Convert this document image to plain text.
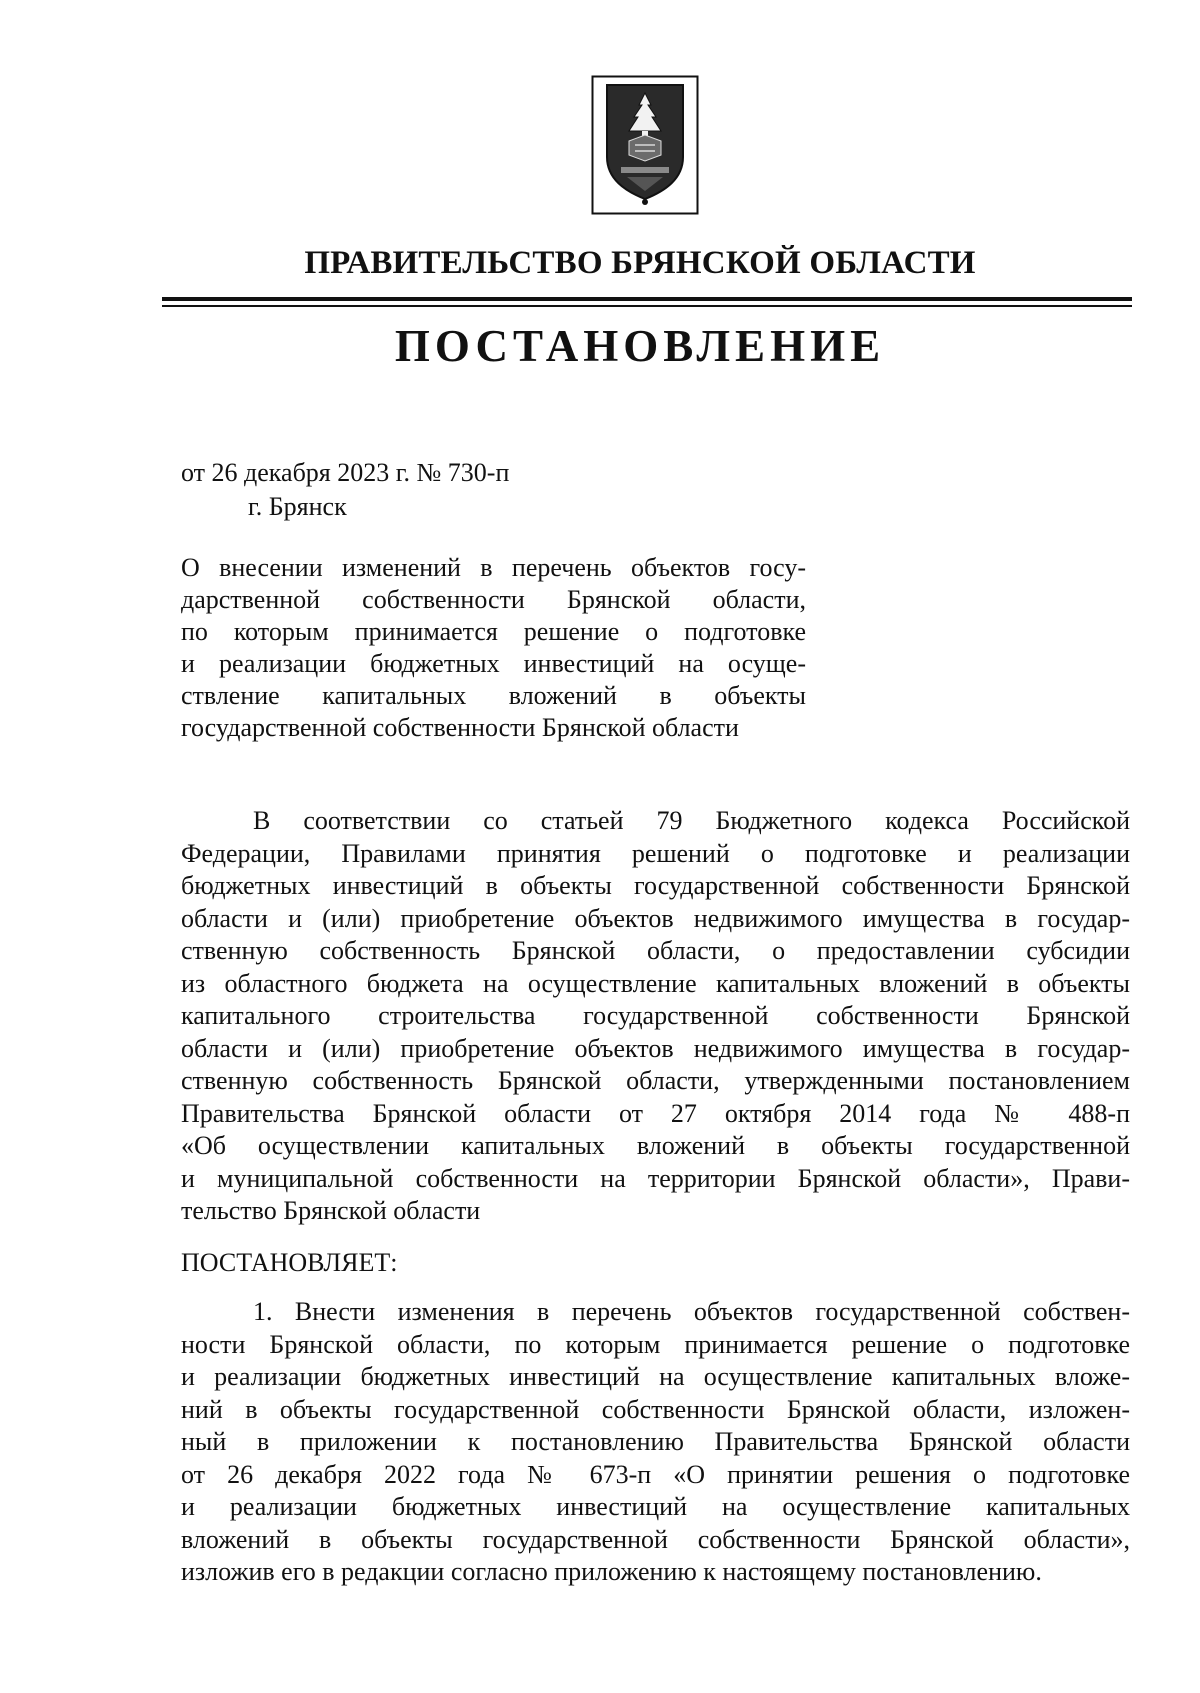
ПРАВИТЕЛЬСТВО БРЯНСКОЙ ОБЛАСТИ
ПОСТАНОВЛЕНИЕ
от 26 декабря 2023 г. № 730-п
г. Брянск
О внесении изменений в перечень объектов госу-
дарственной собственности Брянской области,
по которым принимается решение о подготовке
и реализации бюджетных инвестиций на осуще-
ствление капитальных вложений в объекты
государственной собственности Брянской области
В соответствии со статьей 79 Бюджетного кодекса Российской
Федерации, Правилами принятия решений о подготовке и реализации
бюджетных инвестиций в объекты государственной собственности Брянской
области и (или) приобретение объектов недвижимого имущества в государ-
ственную собственность Брянской области, о предоставлении субсидии
из областного бюджета на осуществление капитальных вложений в объекты
капитального строительства государственной собственности Брянской
области и (или) приобретение объектов недвижимого имущества в государ-
ственную собственность Брянской области, утвержденными постановлением
Правительства Брянской области от 27 октября 2014 года № 488-п
«Об осуществлении капитальных вложений в объекты государственной
и муниципальной собственности на территории Брянской области», Прави-
тельство Брянской области
ПОСТАНОВЛЯЕТ:
1. Внести изменения в перечень объектов государственной собствен-
ности Брянской области, по которым принимается решение о подготовке
и реализации бюджетных инвестиций на осуществление капитальных вложе-
ний в объекты государственной собственности Брянской области, изложен-
ный в приложении к постановлению Правительства Брянской области
от 26 декабря 2022 года № 673-п «О принятии решения о подготовке
и реализации бюджетных инвестиций на осуществление капитальных
вложений в объекты государственной собственности Брянской области»,
изложив его в редакции согласно приложению к настоящему постановлению.
